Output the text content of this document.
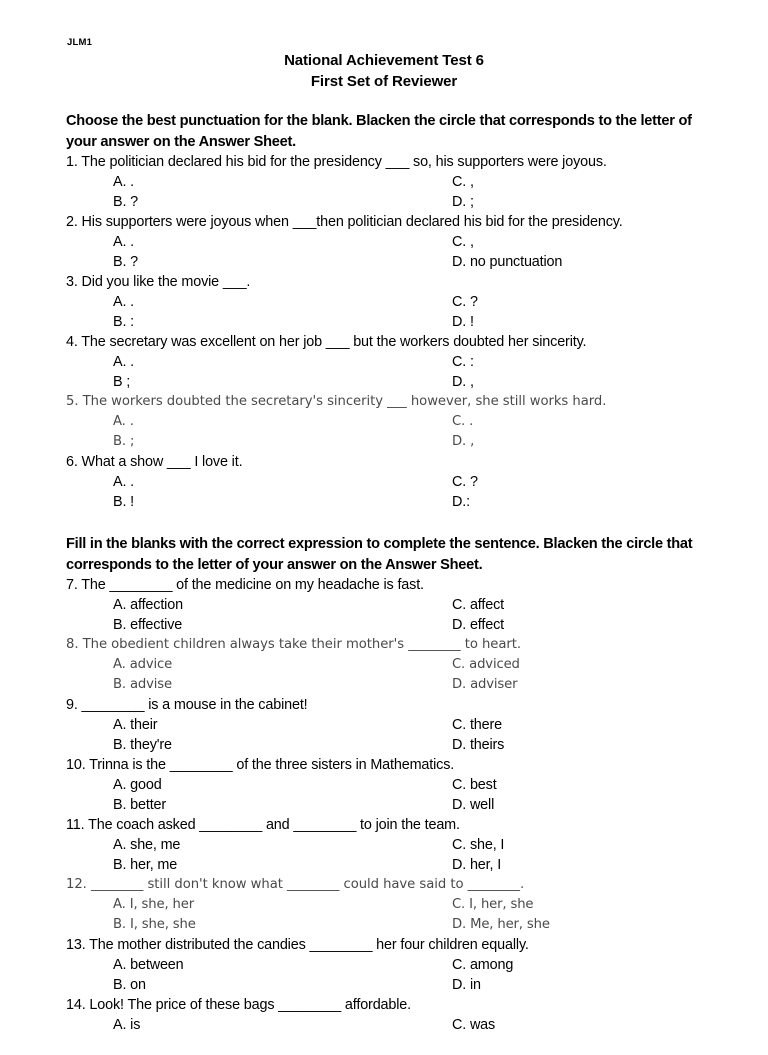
JLM1
National Achievement Test 6
First Set of Reviewer
Choose the best punctuation for the blank. Blacken the circle that corresponds to the letter of your answer on the Answer Sheet.
1. The politician declared his bid for the presidency ___ so, his supporters were joyous.
A. .
B. ?
C. ,
D. ;
2. His supporters were joyous when ___then politician declared his bid for the presidency.
A. .
B. ?
C. ,
D. no punctuation
3. Did you like the movie ___.
A. .
B. :
C. ?
D. !
4. The secretary was excellent on her job ___ but the workers doubted her sincerity.
A. .
B ;
C. :
D. ,
5. The workers doubted the secretary's sincerity ___ however, she still works hard.
A. .
B. ;
C. .
D. ,
6. What a show ___ I love it.
A. .
B. !
C. ?
D.:
Fill in the blanks with the correct expression to complete the sentence. Blacken the circle that corresponds to the letter of your answer on the Answer Sheet.
7. The ________ of the medicine on my headache is fast.
A. affection
B. effective
C. affect
D. effect
8. The obedient children always take their mother's ________ to heart.
A. advice
B. advise
C. adviced
D. adviser
9. ________ is a mouse in the cabinet!
A. their
B. they're
C. there
D. theirs
10. Trinna is the ________ of the three sisters in Mathematics.
A. good
B. better
C. best
D. well
11. The coach asked ________ and ________ to join the team.
A. she, me
B. her, me
C. she, I
D. her, I
12. ________ still don't know what ________ could have said to ________.
A. I, she, her
B. I, she, she
C. I, her, she
D. Me, her, she
13. The mother distributed the candies ________ her four children equally.
A. between
B. on
C. among
D. in
14. Look! The price of these bags ________ affordable.
A. is	C. was
